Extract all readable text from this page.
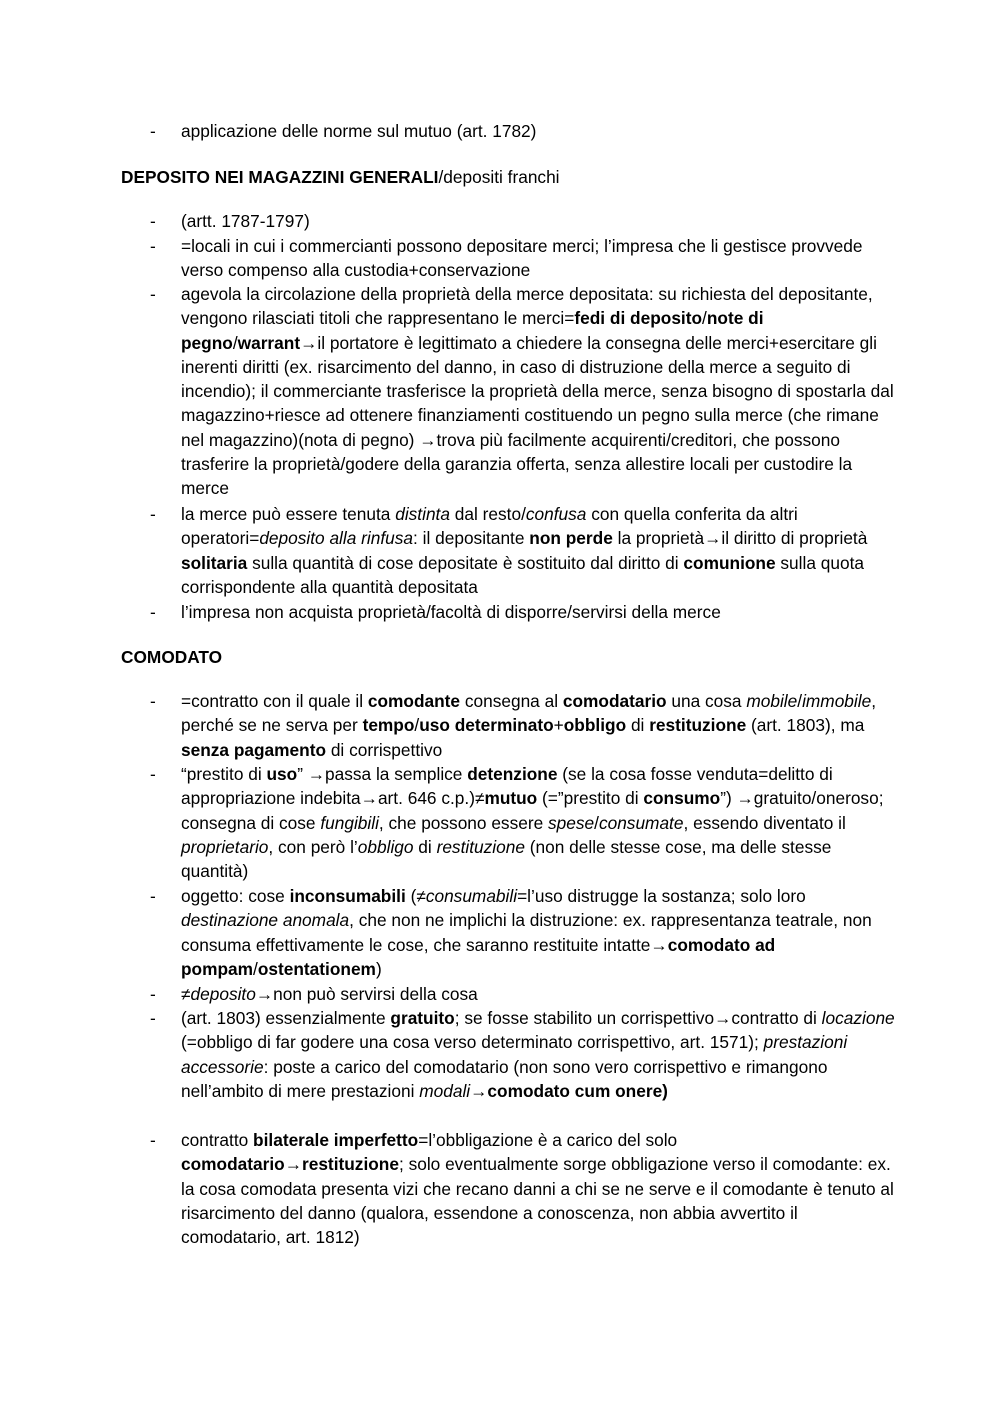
- applicazione delle norme sul mutuo (art. 1782)

DEPOSITO NEI MAGAZZINI GENERALI/depositi franchi

- (artt. 1787-1797)

- =locali in cui i commercianti possono depositare merci; l’impresa che li gestisce provvede verso compenso alla custodia+conservazione

- agevola la circolazione della proprietà della merce depositata: su richiesta del depositante, vengono rilasciati titoli che rappresentano le merci=fedi di deposito/note di pegno/warrant→il portatore è legittimato a chiedere la consegna delle merci+esercitare gli inerenti diritti (ex. risarcimento del danno, in caso di distruzione della merce a seguito di incendio); il commerciante trasferisce la proprietà della merce, senza bisogno di spostarla dal magazzino+riesce ad ottenere finanziamenti costituendo un pegno sulla merce (che rimane nel magazzino)(nota di pegno) →trova più facilmente acquirenti/creditori, che possono trasferire la proprietà/godere della garanzia offerta, senza allestire locali per custodire la merce

- la merce può essere tenuta distinta dal resto/confusa con quella conferita da altri operatori=deposito alla rinfusa: il depositante non perde la proprietà→il diritto di proprietà solitaria sulla quantità di cose depositate è sostituito dal diritto di comunione sulla quota corrispondente alla quantità depositata

- l’impresa non acquista proprietà/facoltà di disporre/servirsi della merce

COMODATO

- =contratto con il quale il comodante consegna al comodatario una cosa mobile/immobile, perché se ne serva per tempo/uso determinato+obbligo di restituzione (art. 1803), ma senza pagamento di corrispettivo

- “prestito di uso” →passa la semplice detenzione (se la cosa fosse venduta=delitto di appropriazione indebita→art. 646 c.p.)≠mutuo (=”prestito di consumo”) →gratuito/oneroso; consegna di cose fungibili, che possono essere spese/consumate, essendo diventato il proprietario, con però l’obbligo di restituzione (non delle stesse cose, ma delle stesse quantità)

- oggetto: cose inconsumabili (≠consumabili=l’uso distrugge la sostanza; solo loro destinazione anomala, che non ne implichi la distruzione: ex. rappresentanza teatrale, non consuma effettivamente le cose, che saranno restituite intatte→comodato ad pompam/ostentationem)

- ≠deposito→non può servirsi della cosa

- (art. 1803) essenzialmente gratuito; se fosse stabilito un corrispettivo→contratto di locazione (=obbligo di far godere una cosa verso determinato corrispettivo, art. 1571); prestazioni accessorie: poste a carico del comodatario (non sono vero corrispettivo e rimangono nell’ambito di mere prestazioni modali→comodato cum onere)

- contratto bilaterale imperfetto=l’obbligazione è a carico del solo comodatario→restituzione; solo eventualmente sorge obbligazione verso il comodante: ex. la cosa comodata presenta vizi che recano danni a chi se ne serve e il comodante è tenuto al risarcimento del danno (qualora, essendone a conoscenza, non abbia avvertito il comodatario, art. 1812)
